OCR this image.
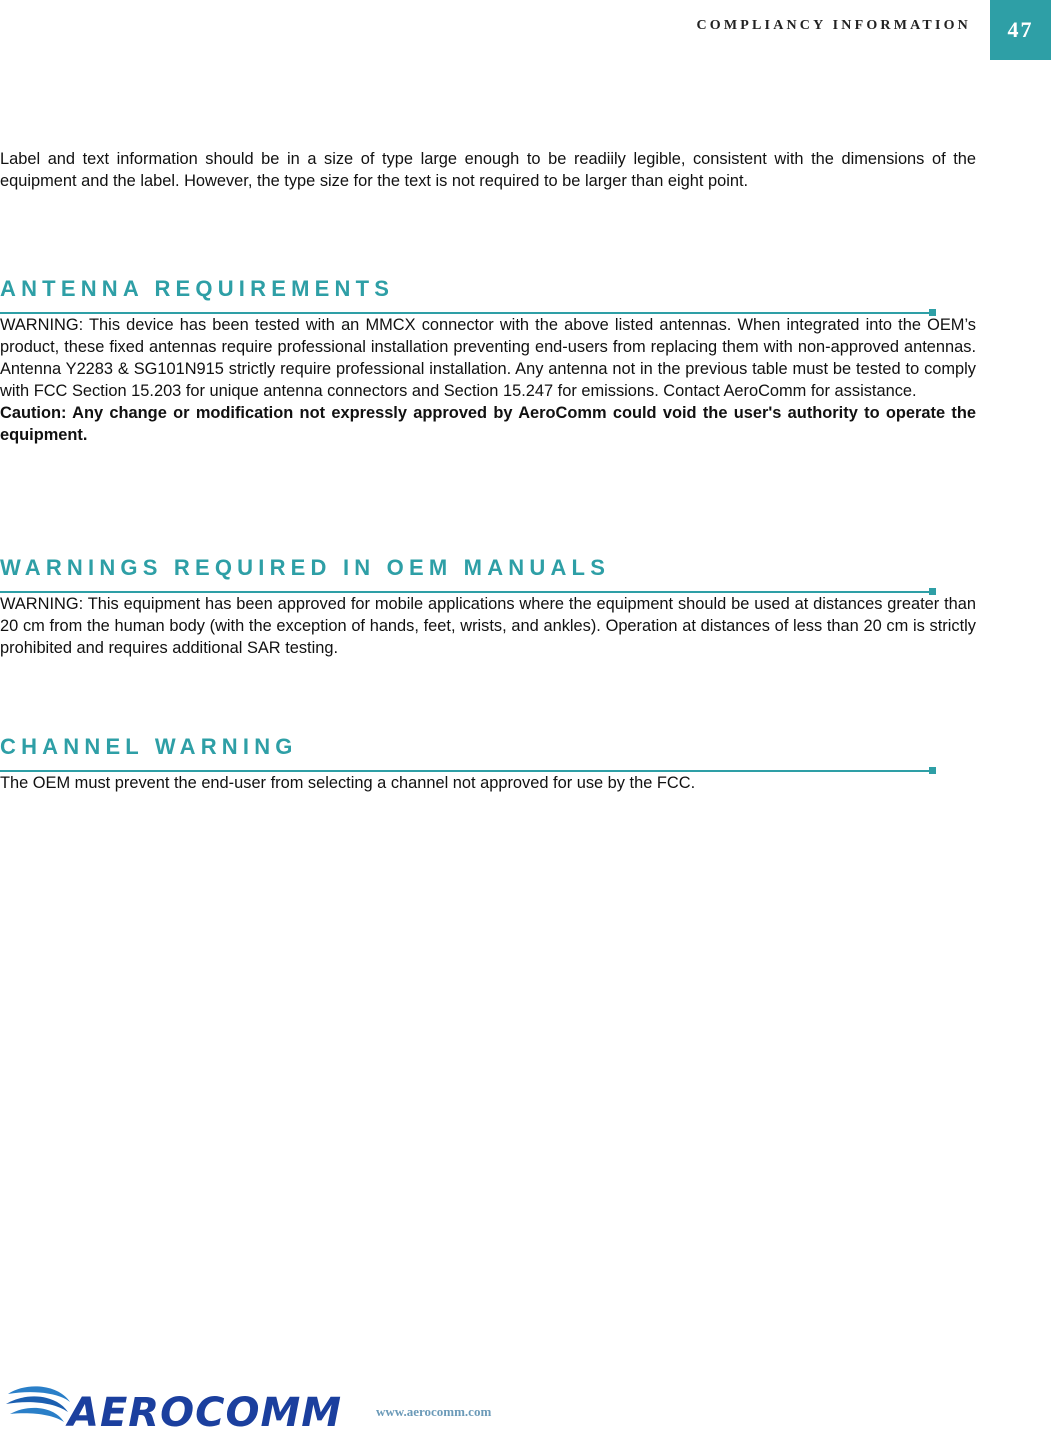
COMPLIANCY INFORMATION	47

Label and text information should be in a size of type large enough to be readiily legible, consistent with the dimensions of the equipment and the label. However, the type size for the text is not required to be larger than eight point.

ANTENNA REQUIREMENTS

WARNING: This device has been tested with an MMCX connector with the above listed antennas. When integrated into the OEM’s product, these fixed antennas require professional installation preventing end-users from replacing them with non-approved antennas. Antenna Y2283 & SG101N915 strictly require professional installation. Any antenna not in the previous table must be tested to comply with FCC Section 15.203 for unique antenna connectors and Section 15.247 for emissions. Contact AeroComm for assistance.

Caution: Any change or modification not expressly approved by AeroComm could void the user's authority to operate the equipment.

WARNINGS REQUIRED IN OEM MANUALS

WARNING: This equipment has been approved for mobile applications where the equipment should be used at distances greater than 20 cm from the human body (with the exception of hands, feet, wrists, and ankles). Operation at distances of less than 20 cm is strictly prohibited and requires additional SAR testing.

CHANNEL WARNING

The OEM must prevent the end-user from selecting a channel not approved for use by the FCC.

AEROCOMM	www.aerocomm.com
